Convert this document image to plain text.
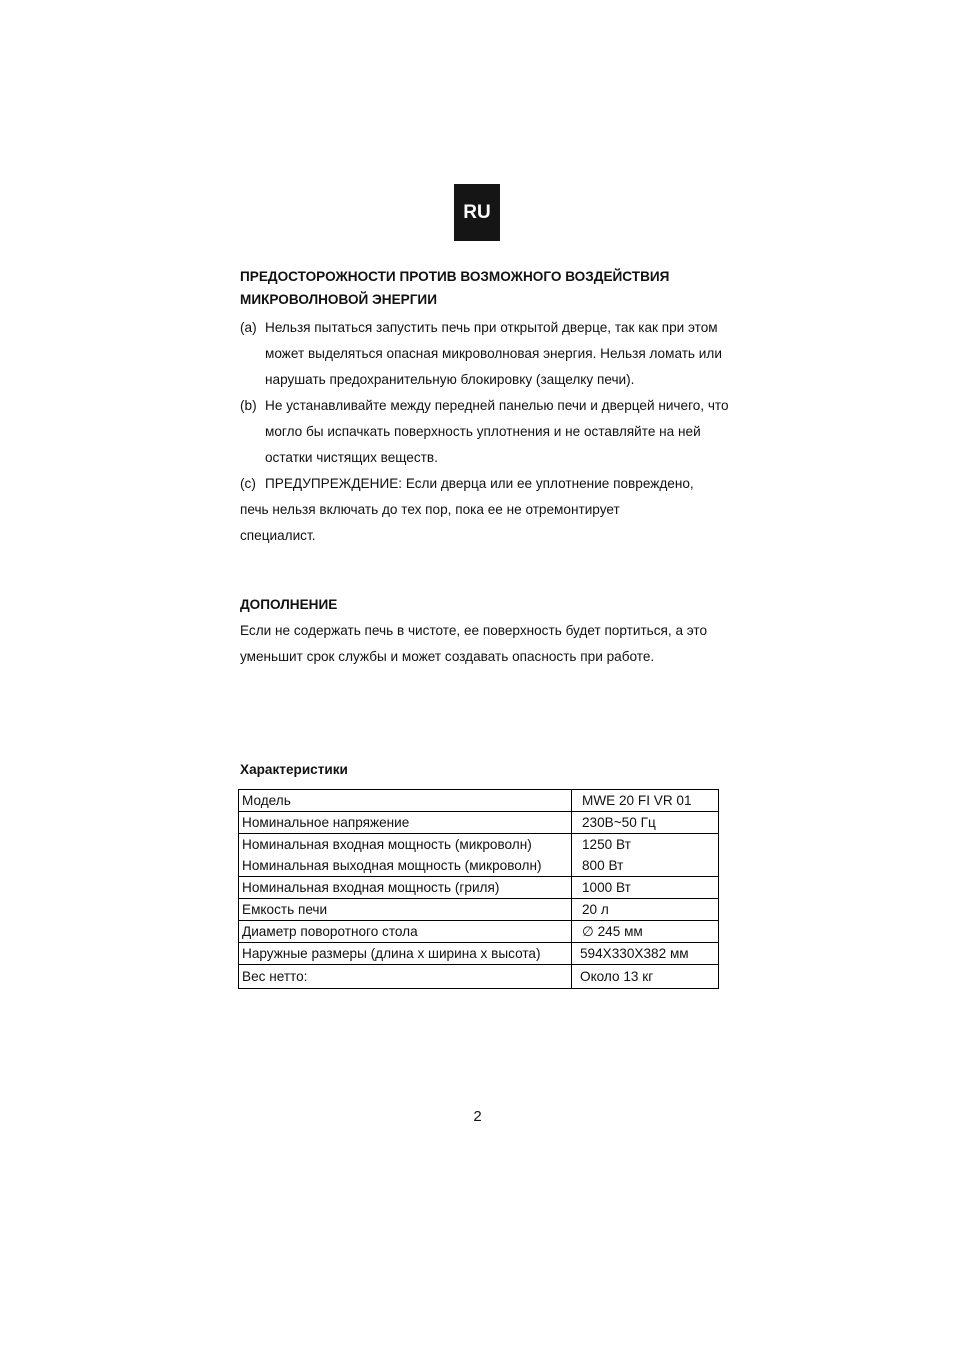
RU
ПРЕДОСТОРОЖНОСТИ ПРОТИВ ВОЗМОЖНОГО ВОЗДЕЙСТВИЯ
МИКРОВОЛНОВОЙ ЭНЕРГИИ
(a) Нельзя пытаться запустить печь при открытой дверце, так как при этом может выделяться опасная микроволновая энергия. Нельзя ломать или нарушать предохранительную блокировку (защелку печи).
(b) Не устанавливайте между передней панелью печи и дверцей ничего, что могло бы испачкать поверхность уплотнения и не оставляйте на ней остатки чистящих веществ.
(c) ПРЕДУПРЕЖДЕНИЕ: Если дверца или ее уплотнение повреждено,
печь нельзя включать до тех пор, пока ее не отремонтирует специалист.
ДОПОЛНЕНИЕ
Если не содержать печь в чистоте, ее поверхность будет портиться, а это уменьшит срок службы и может создавать опасность при работе.
Характеристики
Модель	MWE 20 FI VR 01
Номинальное напряжение	230В~50 Гц
Номинальная входная мощность (микроволн)	1250 Вт
Номинальная выходная мощность (микроволн)	800 Вт
Номинальная входная мощность (гриля)	1000 Вт
Емкость печи	20 л
Диаметр поворотного стола	∅ 245 мм
Наружные размеры (длина х ширина х высота)	594X330X382 мм
Вес нетто:	Около 13 кг
2
